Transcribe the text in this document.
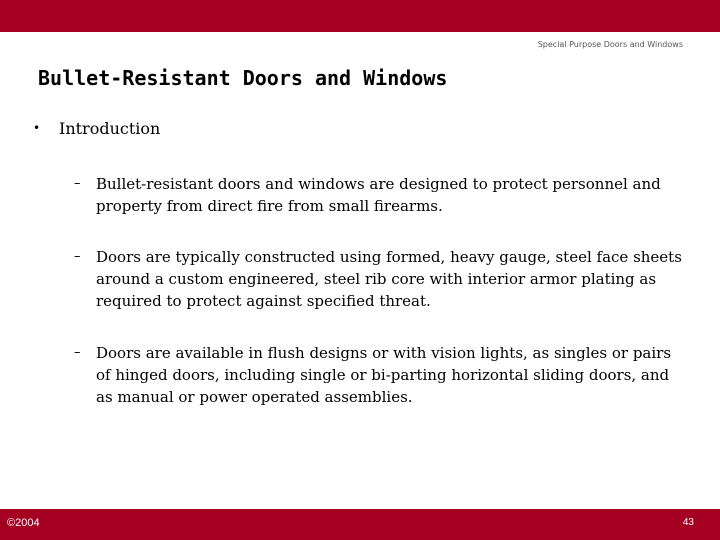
Special Purpose Doors and Windows
Bullet-Resistant Doors and Windows
• Introduction
–	Bullet-resistant doors and windows are designed to protect personnel and property from direct fire from small firearms.
–	Doors are typically constructed using formed, heavy gauge, steel face sheets around a custom engineered, steel rib core with interior armor plating as required to protect against specified threat.
–	Doors are available in flush designs or with vision lights, as singles or pairs of hinged doors, including single or bi-parting horizontal sliding doors, and as manual or power operated assemblies.
©2004	43
